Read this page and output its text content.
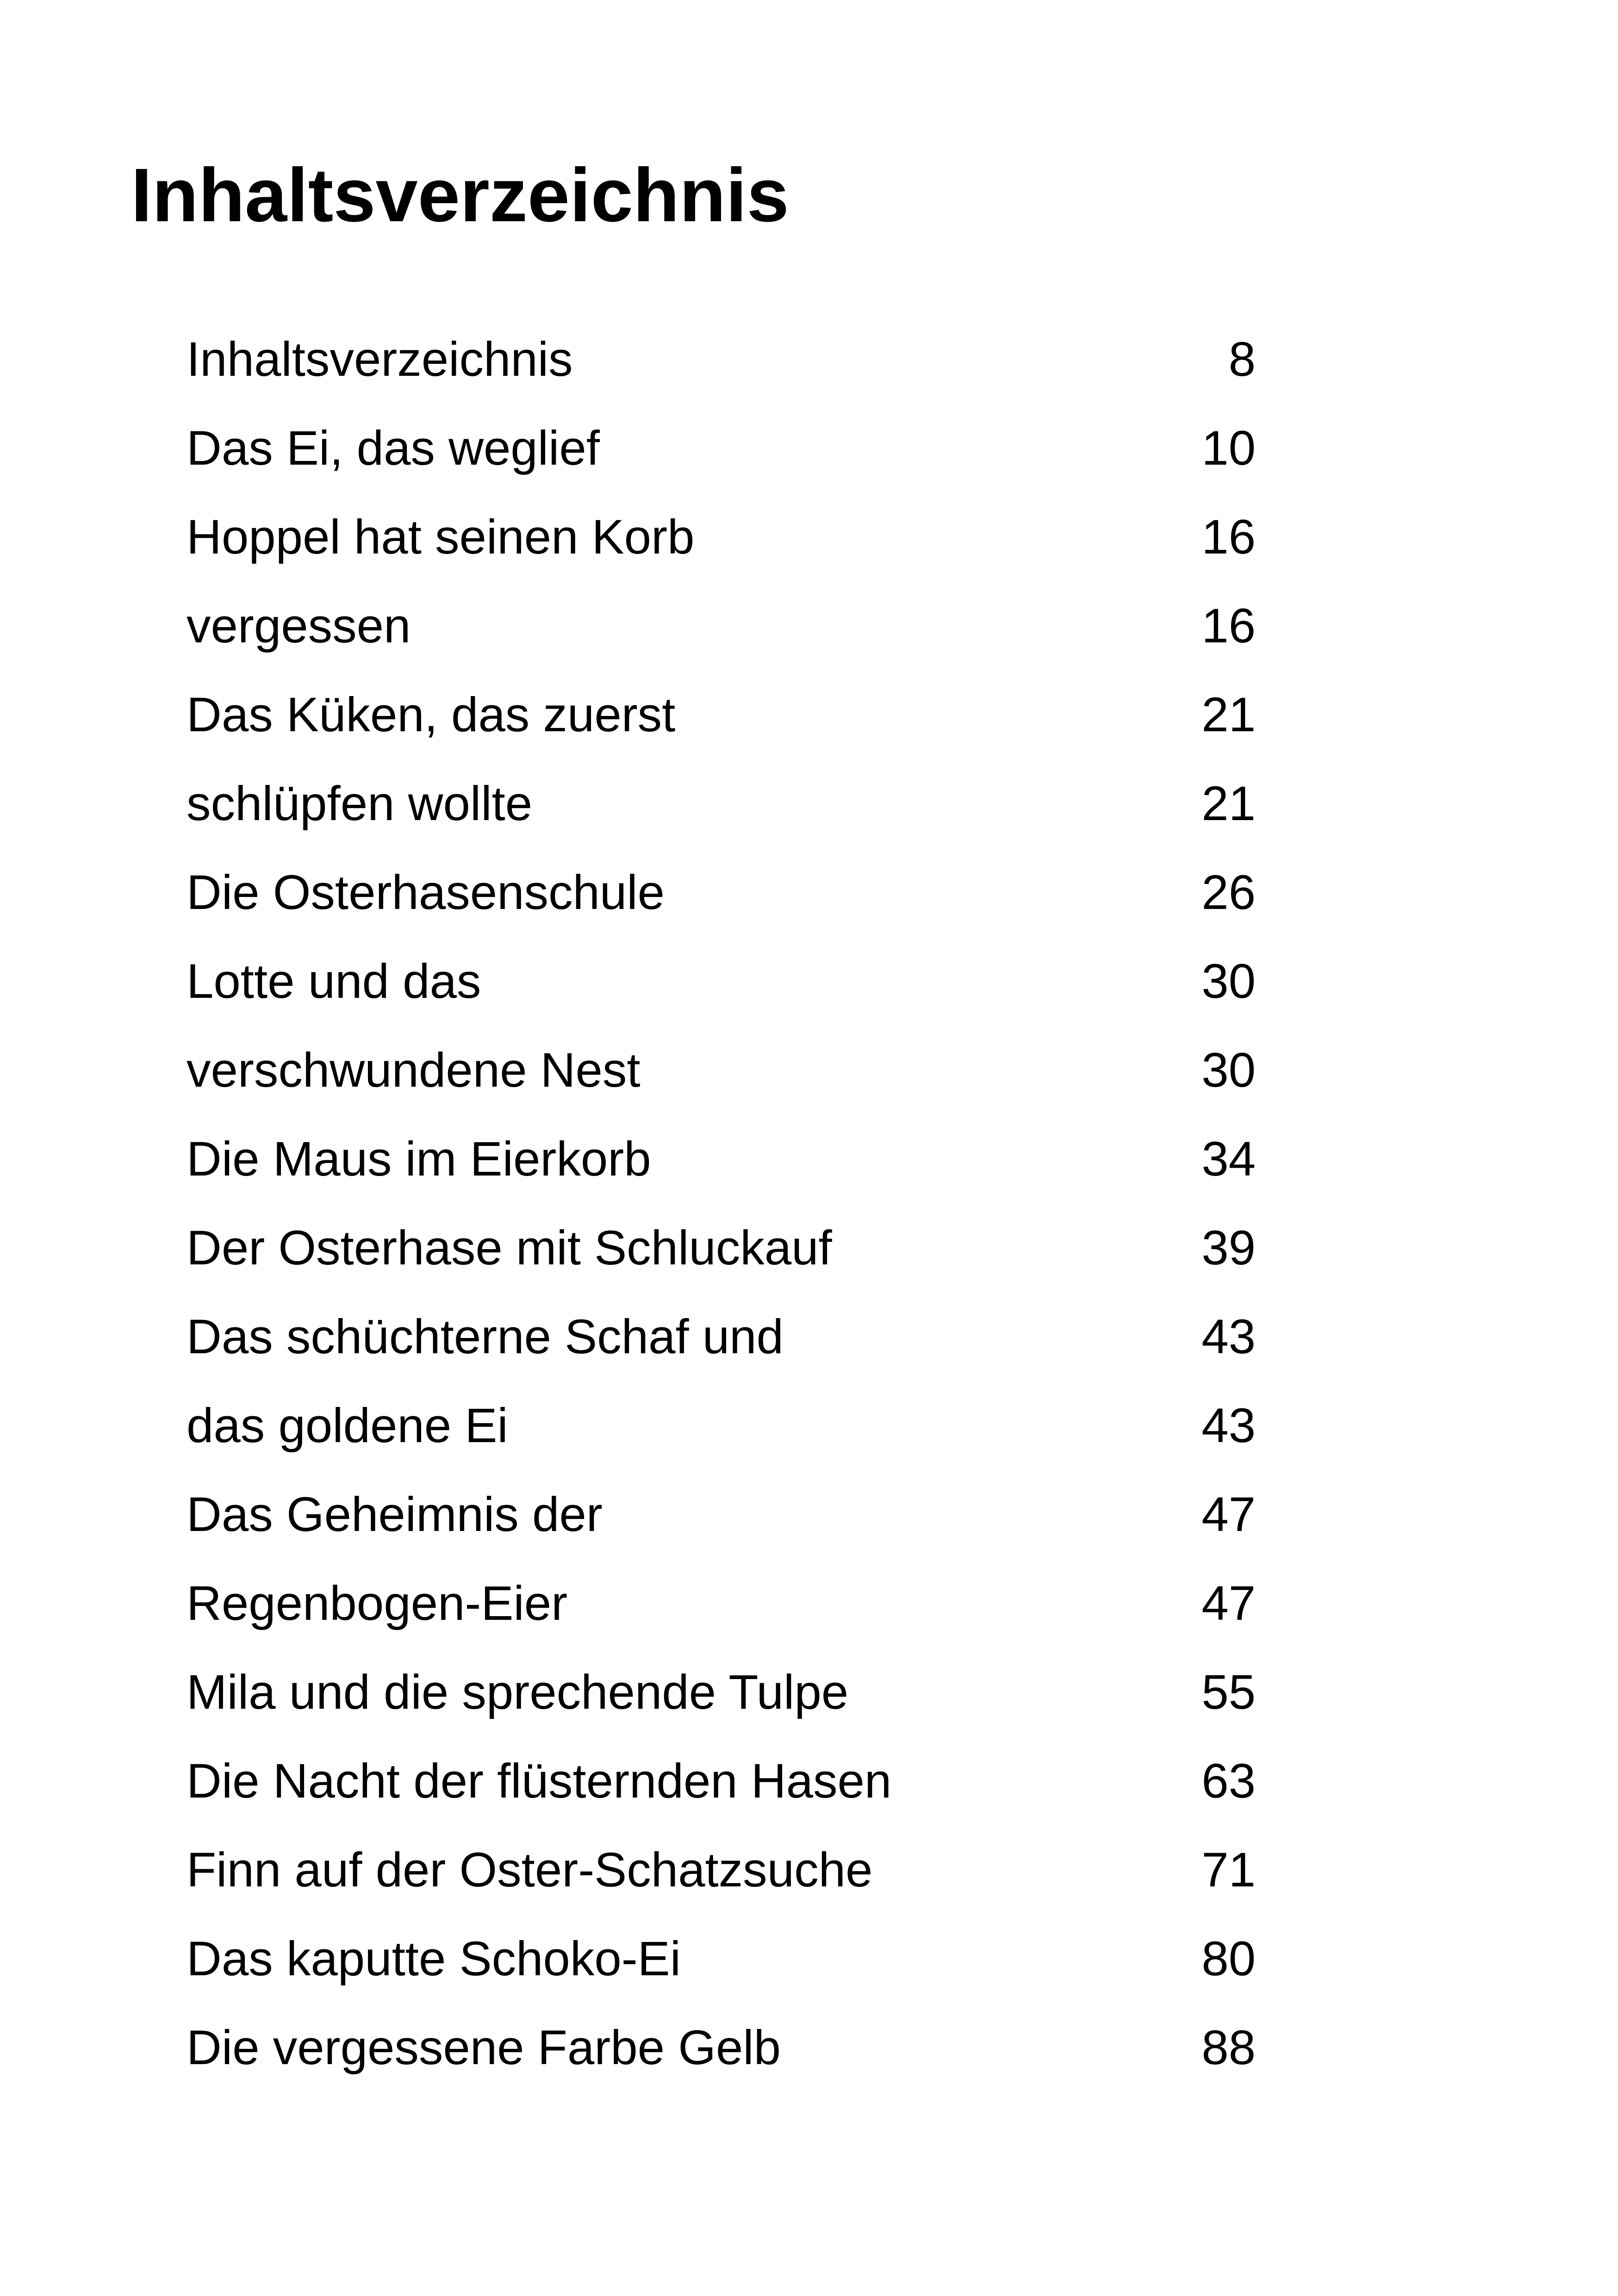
Inhaltsverzeichnis
Inhaltsverzeichnis	8
Das Ei, das weglief	10
Hoppel hat seinen Korb	16
vergessen	16
Das Küken, das zuerst	21
schlüpfen wollte	21
Die Osterhasenschule	26
Lotte und das	30
verschwundene Nest	30
Die Maus im Eierkorb	34
Der Osterhase mit Schluckauf	39
Das schüchterne Schaf und	43
das goldene Ei	43
Das Geheimnis der	47
Regenbogen-Eier	47
Mila und die sprechende Tulpe	55
Die Nacht der flüsternden Hasen	63
Finn auf der Oster-Schatzsuche	71
Das kaputte Schoko-Ei	80
Die vergessene Farbe Gelb	88
